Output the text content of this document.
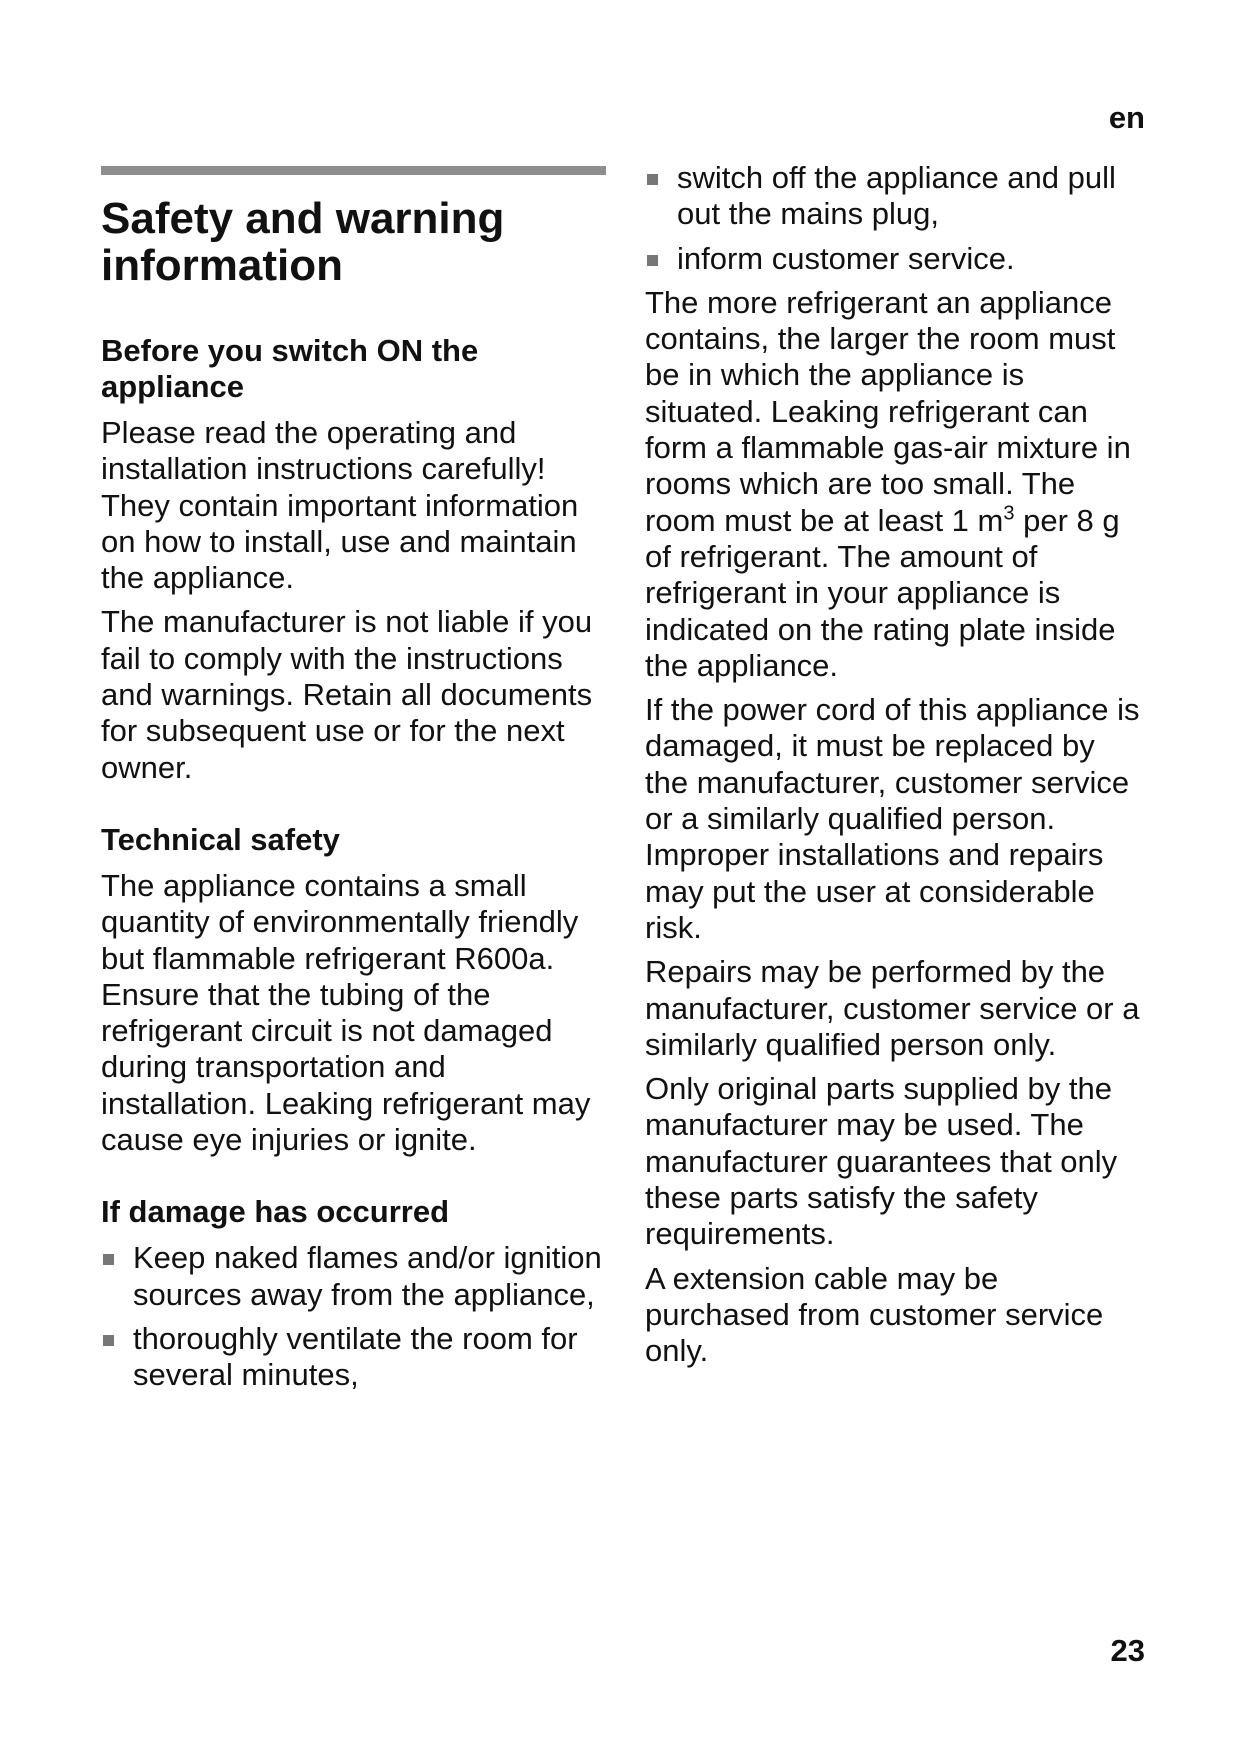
en
Safety and warning information
Before you switch ON the appliance

Please read the operating and installation instructions carefully! They contain important information on how to install, use and maintain the appliance.

The manufacturer is not liable if you fail to comply with the instructions and warnings. Retain all documents for subsequent use or for the next owner.

Technical safety

The appliance contains a small quantity of environmentally friendly but flammable refrigerant R600a. Ensure that the tubing of the refrigerant circuit is not damaged during transportation and installation. Leaking refrigerant may cause eye injuries or ignite.

If damage has occurred
Keep naked flames and/or ignition sources away from the appliance,
thoroughly ventilate the room for several minutes,
switch off the appliance and pull out the mains plug,
inform customer service.

The more refrigerant an appliance contains, the larger the room must be in which the appliance is situated. Leaking refrigerant can form a flammable gas-air mixture in rooms which are too small. The room must be at least 1 $m^3$ per 8 g of refrigerant. The amount of refrigerant in your appliance is indicated on the rating plate inside the appliance.

If the power cord of this appliance is damaged, it must be replaced by the manufacturer, customer service or a similarly qualified person. Improper installations and repairs may put the user at considerable risk.

Repairs may be performed by the manufacturer, customer service or a similarly qualified person only.

Only original parts supplied by the manufacturer may be used. The manufacturer guarantees that only these parts satisfy the safety requirements.

A extension cable may be purchased from customer service only.

23
